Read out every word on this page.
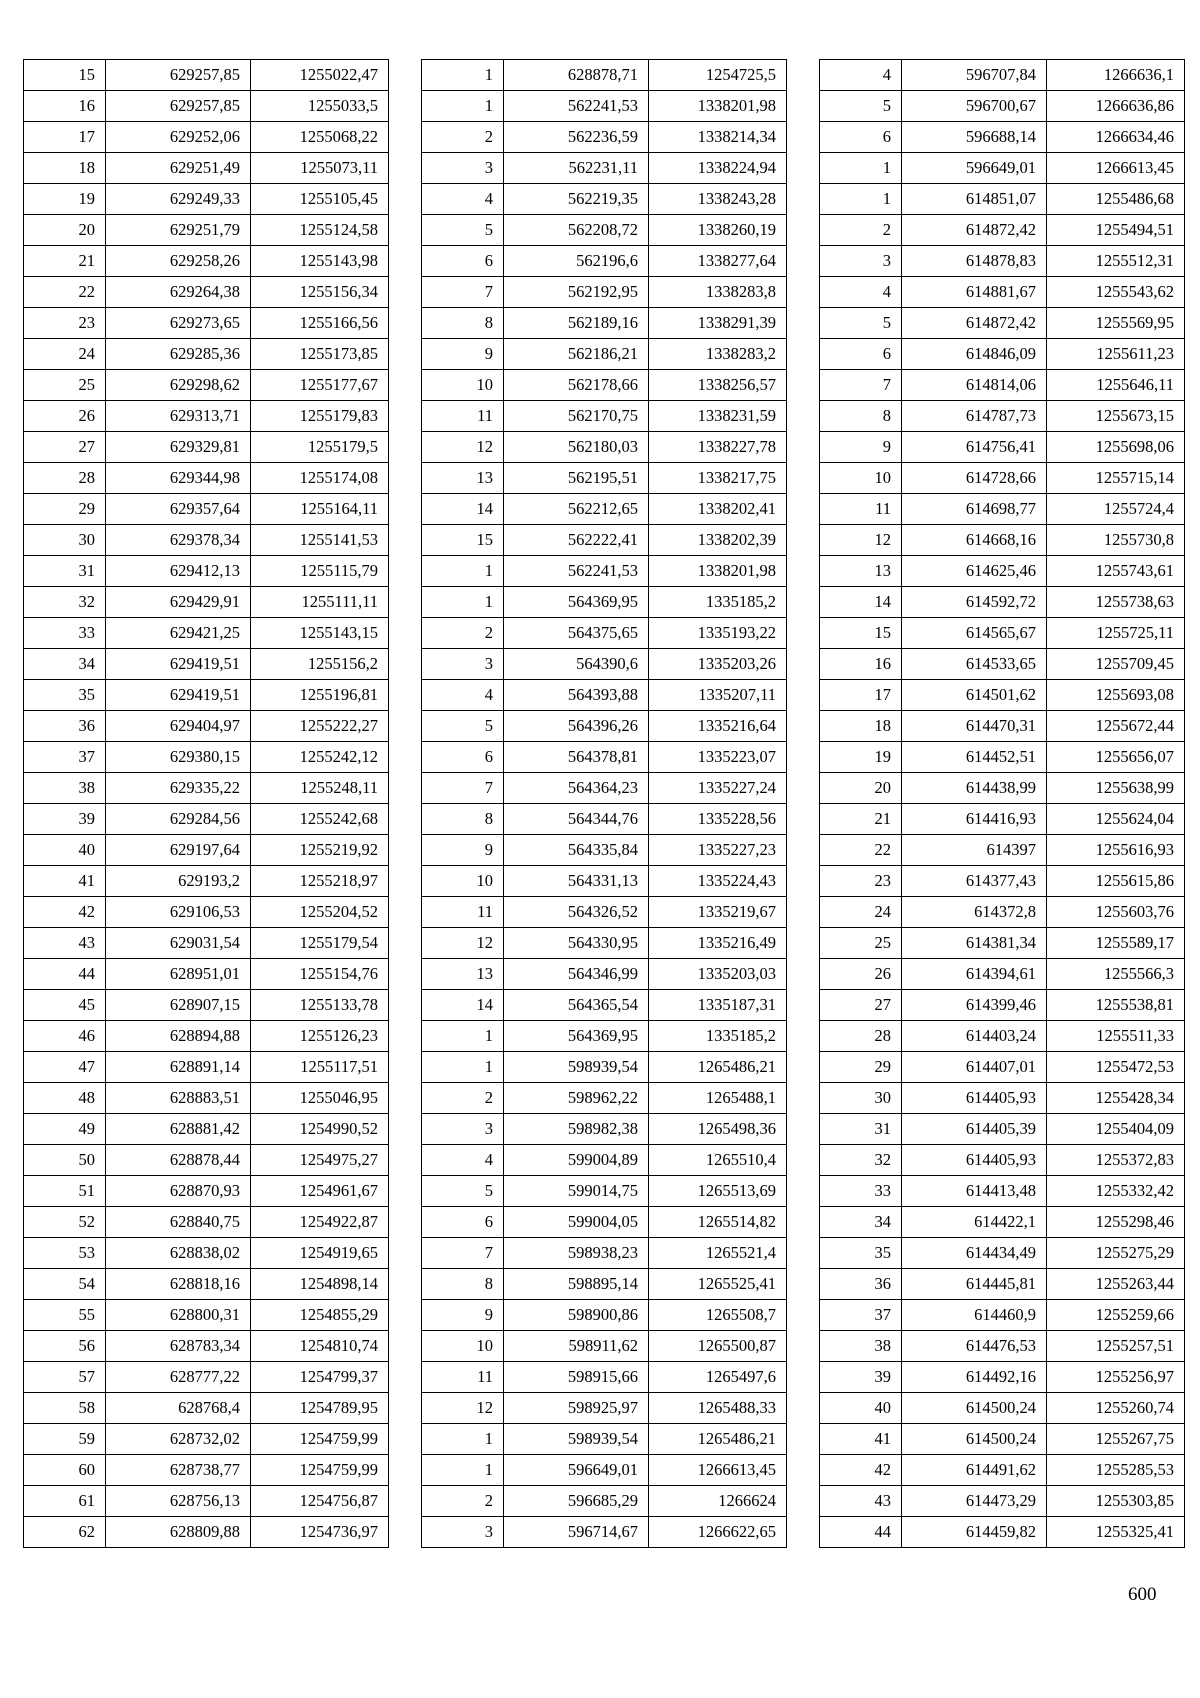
15	629257,85	1255022,47
16	629257,85	1255033,5
17	629252,06	1255068,22
18	629251,49	1255073,11
19	629249,33	1255105,45
20	629251,79	1255124,58
21	629258,26	1255143,98
22	629264,38	1255156,34
23	629273,65	1255166,56
24	629285,36	1255173,85
25	629298,62	1255177,67
26	629313,71	1255179,83
27	629329,81	1255179,5
28	629344,98	1255174,08
29	629357,64	1255164,11
30	629378,34	1255141,53
31	629412,13	1255115,79
32	629429,91	1255111,11
33	629421,25	1255143,15
34	629419,51	1255156,2
35	629419,51	1255196,81
36	629404,97	1255222,27
37	629380,15	1255242,12
38	629335,22	1255248,11
39	629284,56	1255242,68
40	629197,64	1255219,92
41	629193,2	1255218,97
42	629106,53	1255204,52
43	629031,54	1255179,54
44	628951,01	1255154,76
45	628907,15	1255133,78
46	628894,88	1255126,23
47	628891,14	1255117,51
48	628883,51	1255046,95
49	628881,42	1254990,52
50	628878,44	1254975,27
51	628870,93	1254961,67
52	628840,75	1254922,87
53	628838,02	1254919,65
54	628818,16	1254898,14
55	628800,31	1254855,29
56	628783,34	1254810,74
57	628777,22	1254799,37
58	628768,4	1254789,95
59	628732,02	1254759,99
60	628738,77	1254759,99
61	628756,13	1254756,87
62	628809,88	1254736,97
1	628878,71	1254725,5
1	562241,53	1338201,98
2	562236,59	1338214,34
3	562231,11	1338224,94
4	562219,35	1338243,28
5	562208,72	1338260,19
6	562196,6	1338277,64
7	562192,95	1338283,8
8	562189,16	1338291,39
9	562186,21	1338283,2
10	562178,66	1338256,57
11	562170,75	1338231,59
12	562180,03	1338227,78
13	562195,51	1338217,75
14	562212,65	1338202,41
15	562222,41	1338202,39
1	562241,53	1338201,98
1	564369,95	1335185,2
2	564375,65	1335193,22
3	564390,6	1335203,26
4	564393,88	1335207,11
5	564396,26	1335216,64
6	564378,81	1335223,07
7	564364,23	1335227,24
8	564344,76	1335228,56
9	564335,84	1335227,23
10	564331,13	1335224,43
11	564326,52	1335219,67
12	564330,95	1335216,49
13	564346,99	1335203,03
14	564365,54	1335187,31
1	564369,95	1335185,2
1	598939,54	1265486,21
2	598962,22	1265488,1
3	598982,38	1265498,36
4	599004,89	1265510,4
5	599014,75	1265513,69
6	599004,05	1265514,82
7	598938,23	1265521,4
8	598895,14	1265525,41
9	598900,86	1265508,7
10	598911,62	1265500,87
11	598915,66	1265497,6
12	598925,97	1265488,33
1	598939,54	1265486,21
1	596649,01	1266613,45
2	596685,29	1266624
3	596714,67	1266622,65
4	596707,84	1266636,1
5	596700,67	1266636,86
6	596688,14	1266634,46
1	596649,01	1266613,45
1	614851,07	1255486,68
2	614872,42	1255494,51
3	614878,83	1255512,31
4	614881,67	1255543,62
5	614872,42	1255569,95
6	614846,09	1255611,23
7	614814,06	1255646,11
8	614787,73	1255673,15
9	614756,41	1255698,06
10	614728,66	1255715,14
11	614698,77	1255724,4
12	614668,16	1255730,8
13	614625,46	1255743,61
14	614592,72	1255738,63
15	614565,67	1255725,11
16	614533,65	1255709,45
17	614501,62	1255693,08
18	614470,31	1255672,44
19	614452,51	1255656,07
20	614438,99	1255638,99
21	614416,93	1255624,04
22	614397	1255616,93
23	614377,43	1255615,86
24	614372,8	1255603,76
25	614381,34	1255589,17
26	614394,61	1255566,3
27	614399,46	1255538,81
28	614403,24	1255511,33
29	614407,01	1255472,53
30	614405,93	1255428,34
31	614405,39	1255404,09
32	614405,93	1255372,83
33	614413,48	1255332,42
34	614422,1	1255298,46
35	614434,49	1255275,29
36	614445,81	1255263,44
37	614460,9	1255259,66
38	614476,53	1255257,51
39	614492,16	1255256,97
40	614500,24	1255260,74
41	614500,24	1255267,75
42	614491,62	1255285,53
43	614473,29	1255303,85
44	614459,82	1255325,41
600
